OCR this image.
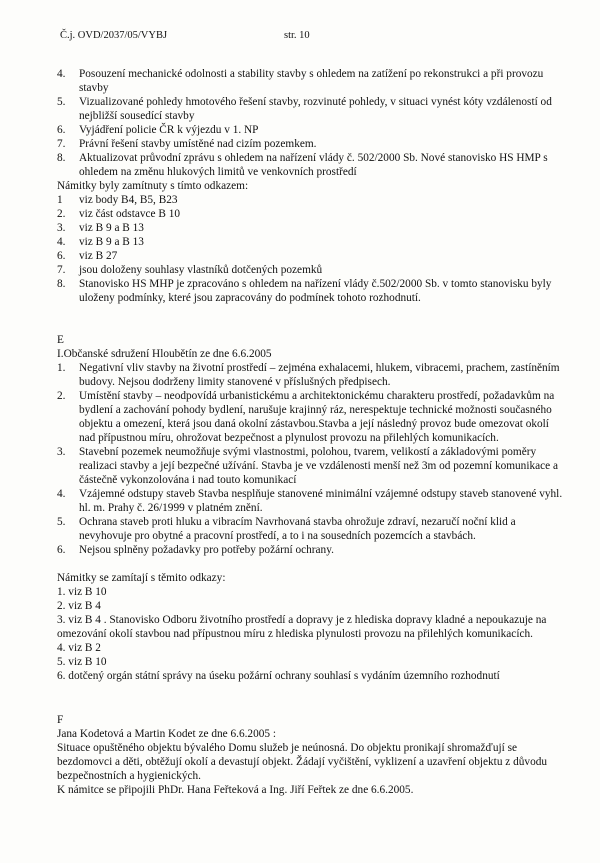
Č.j. OVD/2037/05/VYBJ	str. 10
4.	Posouzení mechanické odolnosti a stability stavby s ohledem na zatížení po rekonstrukci a při provozu stavby
5.	Vizualizované pohledy hmotového řešení stavby, rozvinuté pohledy, v situaci vynést kóty vzdáleností od nejbližší sousedící stavby
6.	Vyjádření policie ČR k výjezdu v 1. NP
7.	Právní řešení stavby umístěné nad cizím pozemkem.
8.	Aktualizovat průvodní zprávu s ohledem na nařízení vlády č. 502/2000 Sb. Nové stanovisko HS HMP s ohledem na změnu hlukových limitů ve venkovních prostředí
Námitky byly zamítnuty s tímto odkazem:
1	viz body B4, B5, B23
2.	viz část odstavce B 10
3.	viz B 9 a B 13
4.	viz B 9 a B 13
6.	viz B 27
7.	jsou doloženy souhlasy vlastníků dotčených pozemků
8.	Stanovisko HS MHP je zpracováno s ohledem na nařízení vlády č.502/2000 Sb. v tomto stanovisku byly uloženy podmínky, které jsou zapracovány do podmínek tohoto rozhodnutí.
E
I.Občanské sdružení Hloubětín ze dne 6.6.2005
1.	Negativní vliv stavby na životní prostředí – zejména exhalacemi, hlukem, vibracemi, prachem, zastíněním budovy. Nejsou dodrženy limity stanovené v příslušných předpisech.
2.	Umístění stavby – neodpovídá urbanistickému a architektonickému charakteru prostředí, požadavkům na bydlení a zachování pohody bydlení, narušuje krajinný ráz, nerespektuje technické možnosti současného objektu a omezení, která jsou daná okolní zástavbou.Stavba a její následný provoz bude omezovat okolí nad přípustnou míru, ohrožovat bezpečnost a plynulost provozu na přilehlých komunikacích.
3.	Stavební pozemek neumožňuje svými vlastnostmi, polohou, tvarem, velikostí a základovými poměry realizaci stavby a její bezpečné užívání. Stavba je ve vzdálenosti menší než 3m od pozemní komunikace a částečně vykonzolována i nad touto komunikací
4.	Vzájemné odstupy staveb Stavba nesplňuje stanovené minimální vzájemné odstupy staveb stanovené vyhl. hl. m. Prahy č. 26/1999 v platném znění.
5.	Ochrana staveb proti hluku a vibracím Navrhovaná stavba ohrožuje zdraví, nezaručí noční klid a nevyhovuje pro obytné a pracovní prostředí, a to i na sousedních pozemcích a stavbách.
6.	Nejsou splněny požadavky pro potřeby požární ochrany.
Námitky se zamítají s těmito odkazy:
1. viz B 10
2. viz B 4
3. viz B 4 . Stanovisko Odboru životního prostředí a dopravy je z hlediska dopravy kladné a nepoukazuje na omezování okolí stavbou nad přípustnou míru z hlediska plynulosti provozu na přilehlých komunikacích.
4. viz B 2
5. viz B 10
6. dotčený orgán státní správy na úseku požární ochrany souhlasí s vydáním územního rozhodnutí
F
Jana Kodetová a Martin Kodet ze dne 6.6.2005 :
Situace opuštěného objektu bývalého Domu služeb je neúnosná. Do objektu pronikají shromažďují se bezdomovci a děti, obtěžují okolí a devastují objekt. Žádají vyčištění, vyklizení a uzavření objektu z důvodu bezpečnostních a hygienických.
K námitce se připojili PhDr. Hana Feřteková a Ing. Jiří Feřtek ze dne 6.6.2005.
